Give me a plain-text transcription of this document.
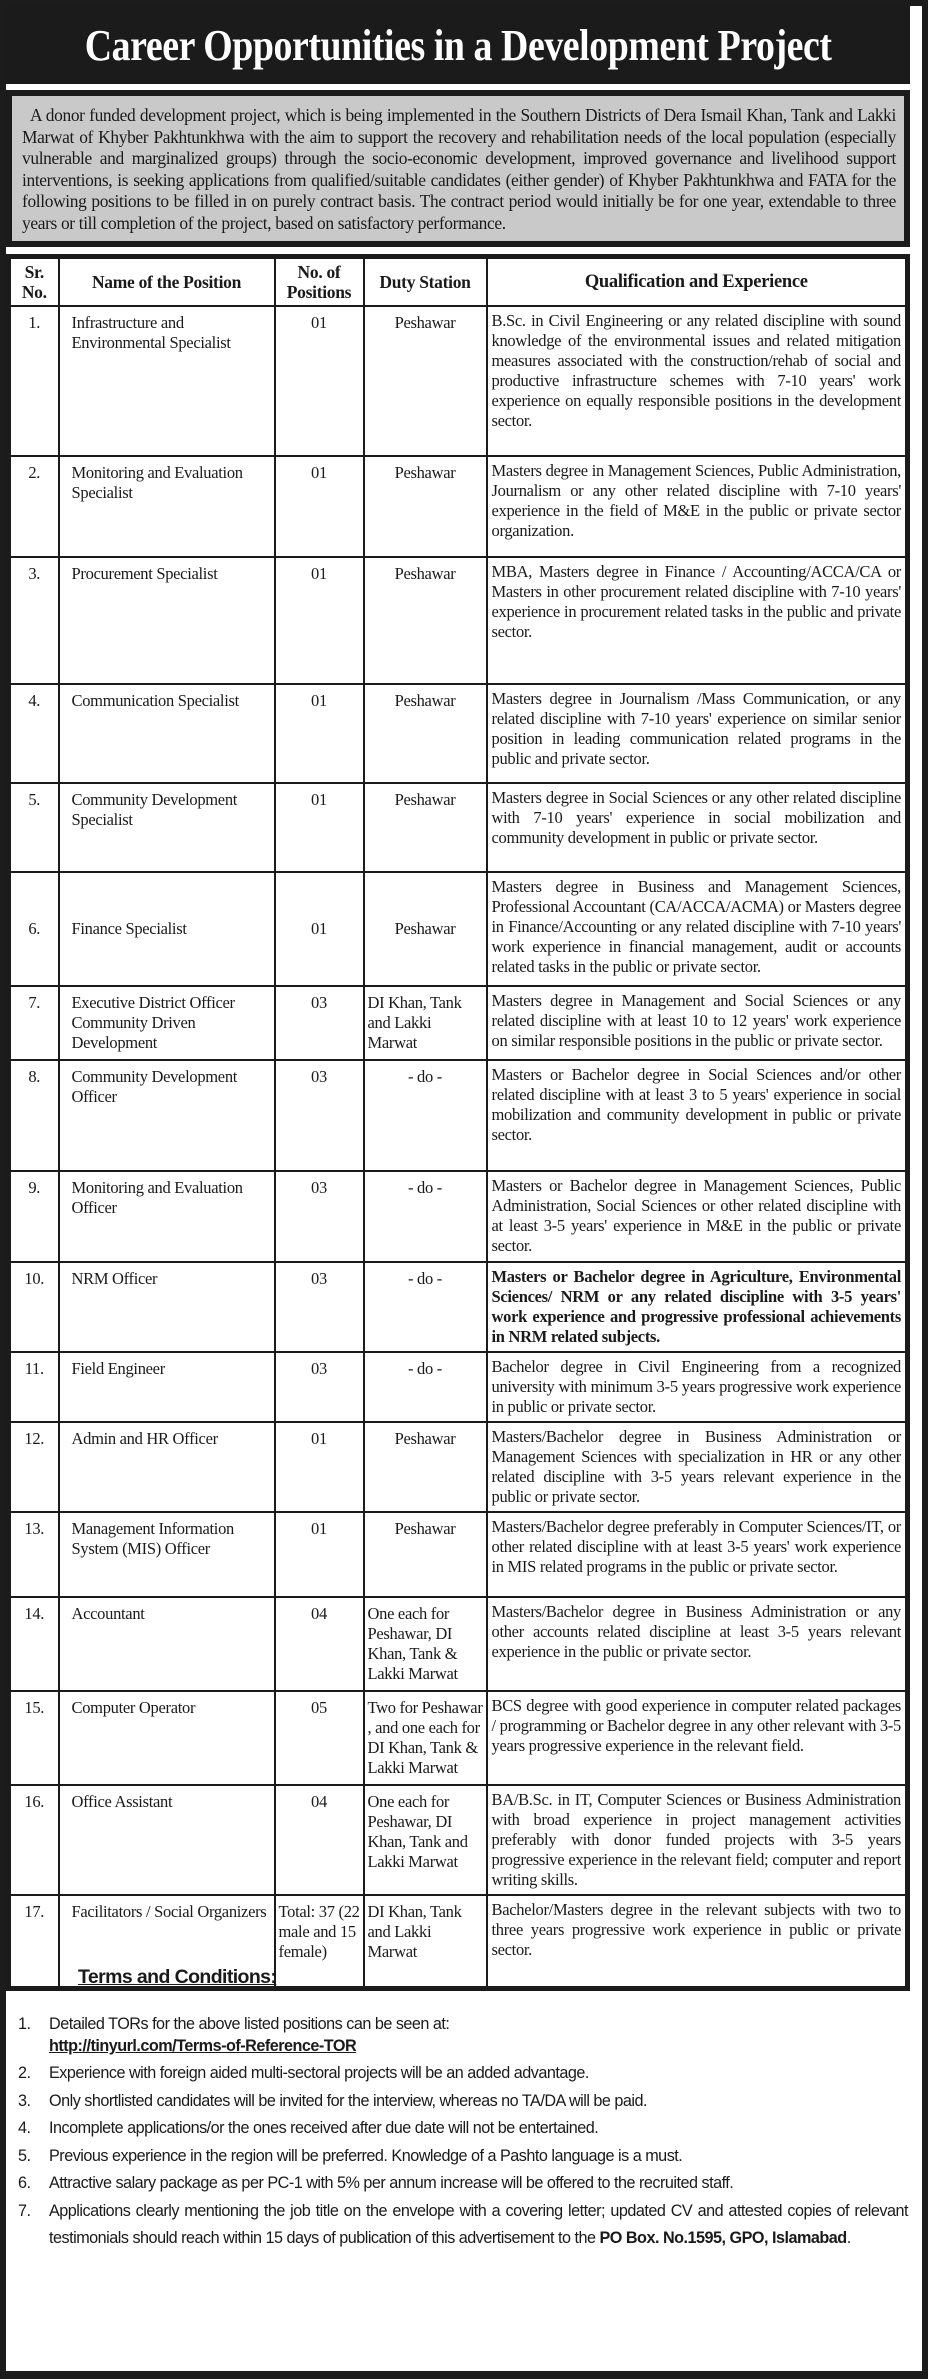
Career Opportunities in a Development Project
A donor funded development project, which is being implemented in the Southern Districts of Dera Ismail Khan, Tank and Lakki Marwat of Khyber Pakhtunkhwa with the aim to support the recovery and rehabilitation needs of the local population (especially vulnerable and marginalized groups) through the socio-economic development, improved governance and livelihood support interventions, is seeking applications from qualified/suitable candidates (either gender) of Khyber Pakhtunkhwa and FATA for the following positions to be filled in on purely contract basis. The contract period would initially be for one year, extendable to three years or till completion of the project, based on satisfactory performance.
Sr. No.	Name of the Position	No. of Positions	Duty Station	Qualification and Experience
1.	Infrastructure and Environmental Specialist	01	Peshawar	B.Sc. in Civil Engineering or any related discipline with sound knowledge of the environmental issues and related mitigation measures associated with the construction/rehab of social and productive infrastructure schemes with 7-10 years' work experience on equally responsible positions in the development sector.
2.	Monitoring and Evaluation Specialist	01	Peshawar	Masters degree in Management Sciences, Public Administration, Journalism or any other related discipline with 7-10 years' experience in the field of M&E in the public or private sector organization.
3.	Procurement Specialist	01	Peshawar	MBA, Masters degree in Finance / Accounting/ACCA/CA or Masters in other procurement related discipline with 7-10 years' experience in procurement related tasks in the public and private sector.
4.	Communication Specialist	01	Peshawar	Masters degree in Journalism /Mass Communication, or any related discipline with 7-10 years' experience on similar senior position in leading communication related programs in the public and private sector.
5.	Community Development Specialist	01	Peshawar	Masters degree in Social Sciences or any other related discipline with 7-10 years' experience in social mobilization and community development in public or private sector.
6.	Finance Specialist	01	Peshawar	Masters degree in Business and Management Sciences, Professional Accountant (CA/ACCA/ACMA) or Masters degree in Finance/Accounting or any related discipline with 7-10 years' work experience in financial management, audit or accounts related tasks in the public or private sector.
7.	Executive District Officer Community Driven Development	03	DI Khan, Tank and Lakki Marwat	Masters degree in Management and Social Sciences or any related discipline with at least 10 to 12 years' work experience on similar responsible positions in the public or private sector.
8.	Community Development Officer	03	- do -	Masters or Bachelor degree in Social Sciences and/or other related discipline with at least 3 to 5 years' experience in social mobilization and community development in public or private sector.
9.	Monitoring and Evaluation Officer	03	- do -	Masters or Bachelor degree in Management Sciences, Public Administration, Social Sciences or other related discipline with at least 3-5 years' experience in M&E in the public or private sector.
10.	NRM Officer	03	- do -	Masters or Bachelor degree in Agriculture, Environmental Sciences/ NRM or any related discipline with 3-5 years' work experience and progressive professional achievements in NRM related subjects.
11.	Field Engineer	03	- do -	Bachelor degree in Civil Engineering from a recognized university with minimum 3-5 years progressive work experience in public or private sector.
12.	Admin and HR Officer	01	Peshawar	Masters/Bachelor degree in Business Administration or Management Sciences with specialization in HR or any other related discipline with 3-5 years relevant experience in the public or private sector.
13.	Management Information System (MIS) Officer	01	Peshawar	Masters/Bachelor degree preferably in Computer Sciences/IT, or other related discipline with at least 3-5 years' work experience in MIS related programs in the public or private sector.
14.	Accountant	04	One each for Peshawar, DI Khan, Tank & Lakki Marwat	Masters/Bachelor degree in Business Administration or any other accounts related discipline at least 3-5 years relevant experience in the public or private sector.
15.	Computer Operator	05	Two for Peshawar , and one each for DI Khan, Tank & Lakki Marwat	BCS degree with good experience in computer related packages / programming or Bachelor degree in any other relevant with 3-5 years progressive experience in the relevant field.
16.	Office Assistant	04	One each for Peshawar, DI Khan, Tank and Lakki Marwat	BA/B.Sc. in IT, Computer Sciences or Business Administration with broad experience in project management activities preferably with donor funded projects with 3-5 years progressive experience in the relevant field; computer and report writing skills.
17.	Facilitators / Social Organizers	Total: 37 (22 male and 15 female)	DI Khan, Tank and Lakki Marwat	Bachelor/Masters degree in the relevant subjects with two to three years progressive work experience in public or private sector.
Terms and Conditions:
1.	Detailed TORs for the above listed positions can be seen at:
http://tinyurl.com/Terms-of-Reference-TOR
2.	Experience with foreign aided multi-sectoral projects will be an added advantage.
3.	Only shortlisted candidates will be invited for the interview, whereas no TA/DA will be paid.
4.	Incomplete applications/or the ones received after due date will not be entertained.
5.	Previous experience in the region will be preferred. Knowledge of a Pashto language is a must.
6.	Attractive salary package as per PC-1 with 5% per annum increase will be offered to the recruited staff.
7.	Applications clearly mentioning the job title on the envelope with a covering letter; updated CV and attested copies of relevant testimonials should reach within 15 days of publication of this advertisement to the PO Box. No.1595, GPO, Islamabad.
